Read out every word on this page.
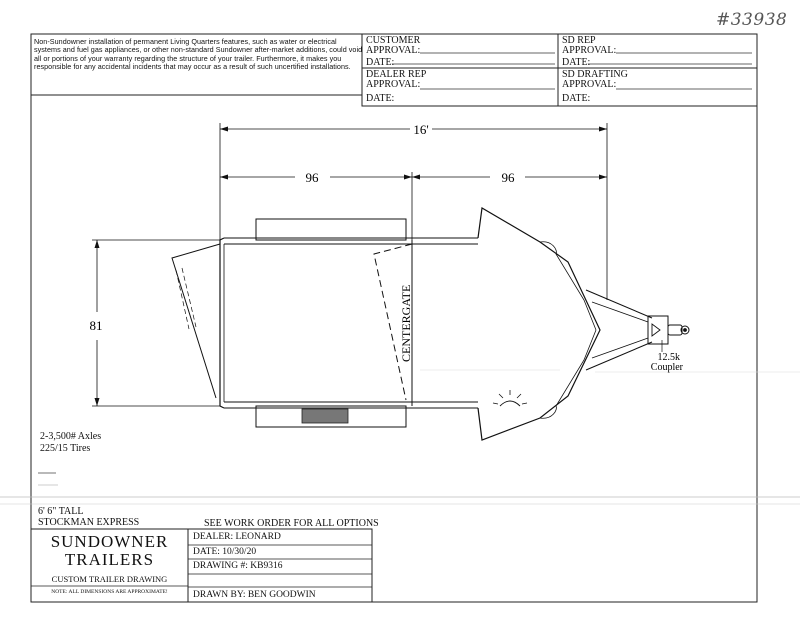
#33938
16'
96	96
81	CENTERGATE	12.5k
Coupler
Non-Sundowner installation of permanent Living Quarters features, such as water or electrical systems and fuel gas appliances, or other non-standard Sundowner after-market additions, could void all or portions of your warranty regarding the structure of your trailer. Furthermore, it makes you responsible for any accidental incidents that may occur as a result of such uncertified installations.
CUSTOMER
APPROVAL:
DATE:
SD REP
APPROVAL:
DATE:
DEALER REP
APPROVAL:
DATE:
SD DRAFTING
APPROVAL:
DATE:
2-3,500# Axles
225/15 Tires
6' 6" TALL
STOCKMAN EXPRESS	SEE WORK ORDER FOR ALL OPTIONS
SUNDOWNER
TRAILERS
CUSTOM TRAILER DRAWING
NOTE: ALL DIMENSIONS ARE APPROXIMATE!
DEALER: LEONARD
DATE: 10/30/20
DRAWING #: KB9316
DRAWN BY: BEN GOODWIN
